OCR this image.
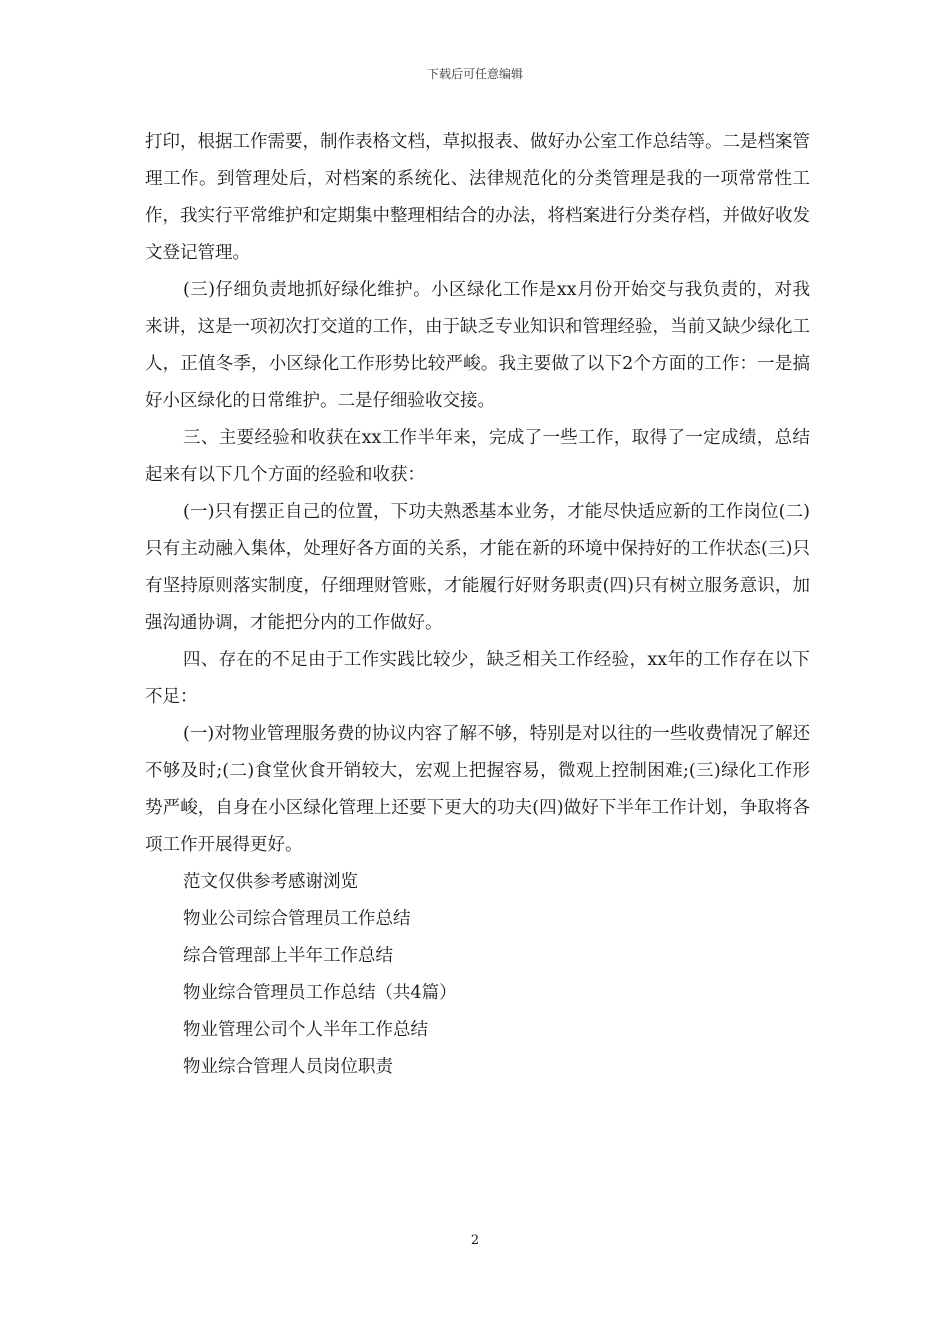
下载后可任意编辑

打印，根据工作需要，制作表格文档，草拟报表、做好办公室工作总结等。二是档案管理工作。到管理处后，对档案的系统化、法律规范化的分类管理是我的一项常常性工作，我实行平常维护和定期集中整理相结合的办法，将档案进行分类存档，并做好收发文登记管理。

(三)仔细负责地抓好绿化维护。小区绿化工作是xx月份开始交与我负责的，对我来讲，这是一项初次打交道的工作，由于缺乏专业知识和管理经验，当前又缺少绿化工人，正值冬季，小区绿化工作形势比较严峻。我主要做了以下2个方面的工作：一是搞好小区绿化的日常维护。二是仔细验收交接。

三、主要经验和收获在xx工作半年来，完成了一些工作，取得了一定成绩，总结起来有以下几个方面的经验和收获：

(一)只有摆正自己的位置，下功夫熟悉基本业务，才能尽快适应新的工作岗位(二)只有主动融入集体，处理好各方面的关系，才能在新的环境中保持好的工作状态(三)只有坚持原则落实制度，仔细理财管账，才能履行好财务职责(四)只有树立服务意识，加强沟通协调，才能把分内的工作做好。

四、存在的不足由于工作实践比较少，缺乏相关工作经验，xx年的工作存在以下不足：

(一)对物业管理服务费的协议内容了解不够，特别是对以往的一些收费情况了解还不够及时;(二)食堂伙食开销较大，宏观上把握容易，微观上控制困难;(三)绿化工作形势严峻，自身在小区绿化管理上还要下更大的功夫(四)做好下半年工作计划，争取将各项工作开展得更好。

范文仅供参考感谢浏览
物业公司综合管理员工作总结
综合管理部上半年工作总结
物业综合管理员工作总结（共4篇）
物业管理公司个人半年工作总结
物业综合管理人员岗位职责
2
